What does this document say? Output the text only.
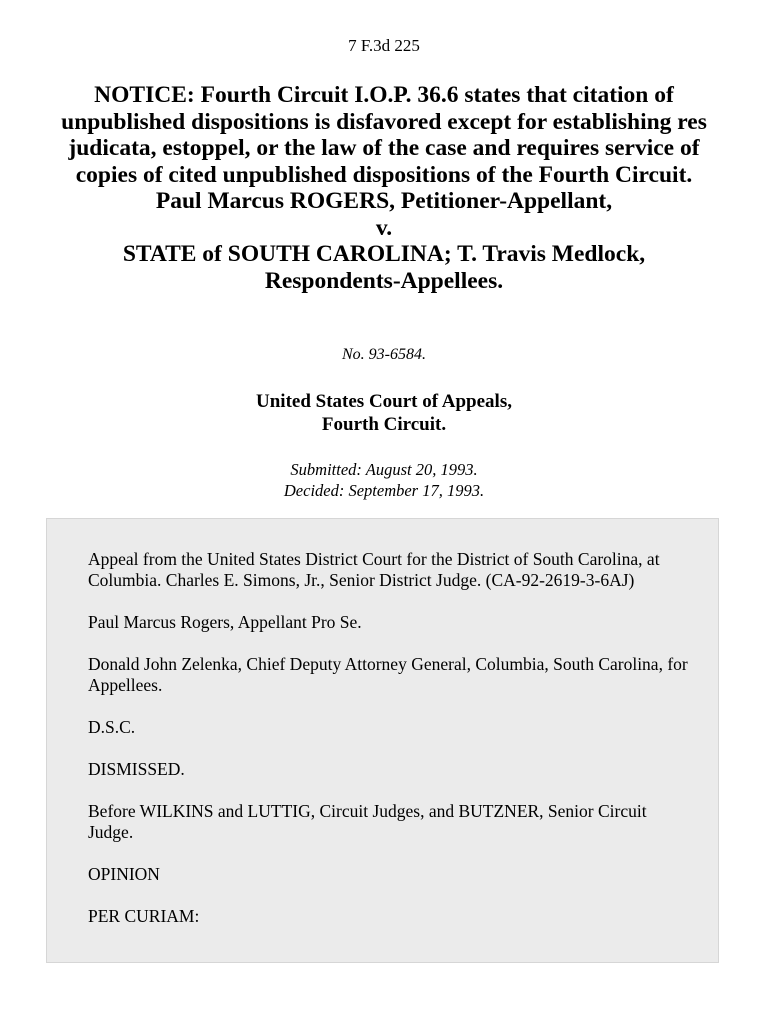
7 F.3d 225
NOTICE: Fourth Circuit I.O.P. 36.6 states that citation of unpublished dispositions is disfavored except for establishing res judicata, estoppel, or the law of the case and requires service of copies of cited unpublished dispositions of the Fourth Circuit.
Paul Marcus ROGERS, Petitioner-Appellant,
v.
STATE of SOUTH CAROLINA; T. Travis Medlock,
Respondents-Appellees.
No. 93-6584.
United States Court of Appeals,
Fourth Circuit.
Submitted: August 20, 1993.
Decided: September 17, 1993.

Appeal from the United States District Court for the District of South Carolina, at Columbia. Charles E. Simons, Jr., Senior District Judge. (CA-92-2619-3-6AJ)

Paul Marcus Rogers, Appellant Pro Se.

Donald John Zelenka, Chief Deputy Attorney General, Columbia, South Carolina, for Appellees.

D.S.C.

DISMISSED.

Before WILKINS and LUTTIG, Circuit Judges, and BUTZNER, Senior Circuit Judge.

OPINION

PER CURIAM:
